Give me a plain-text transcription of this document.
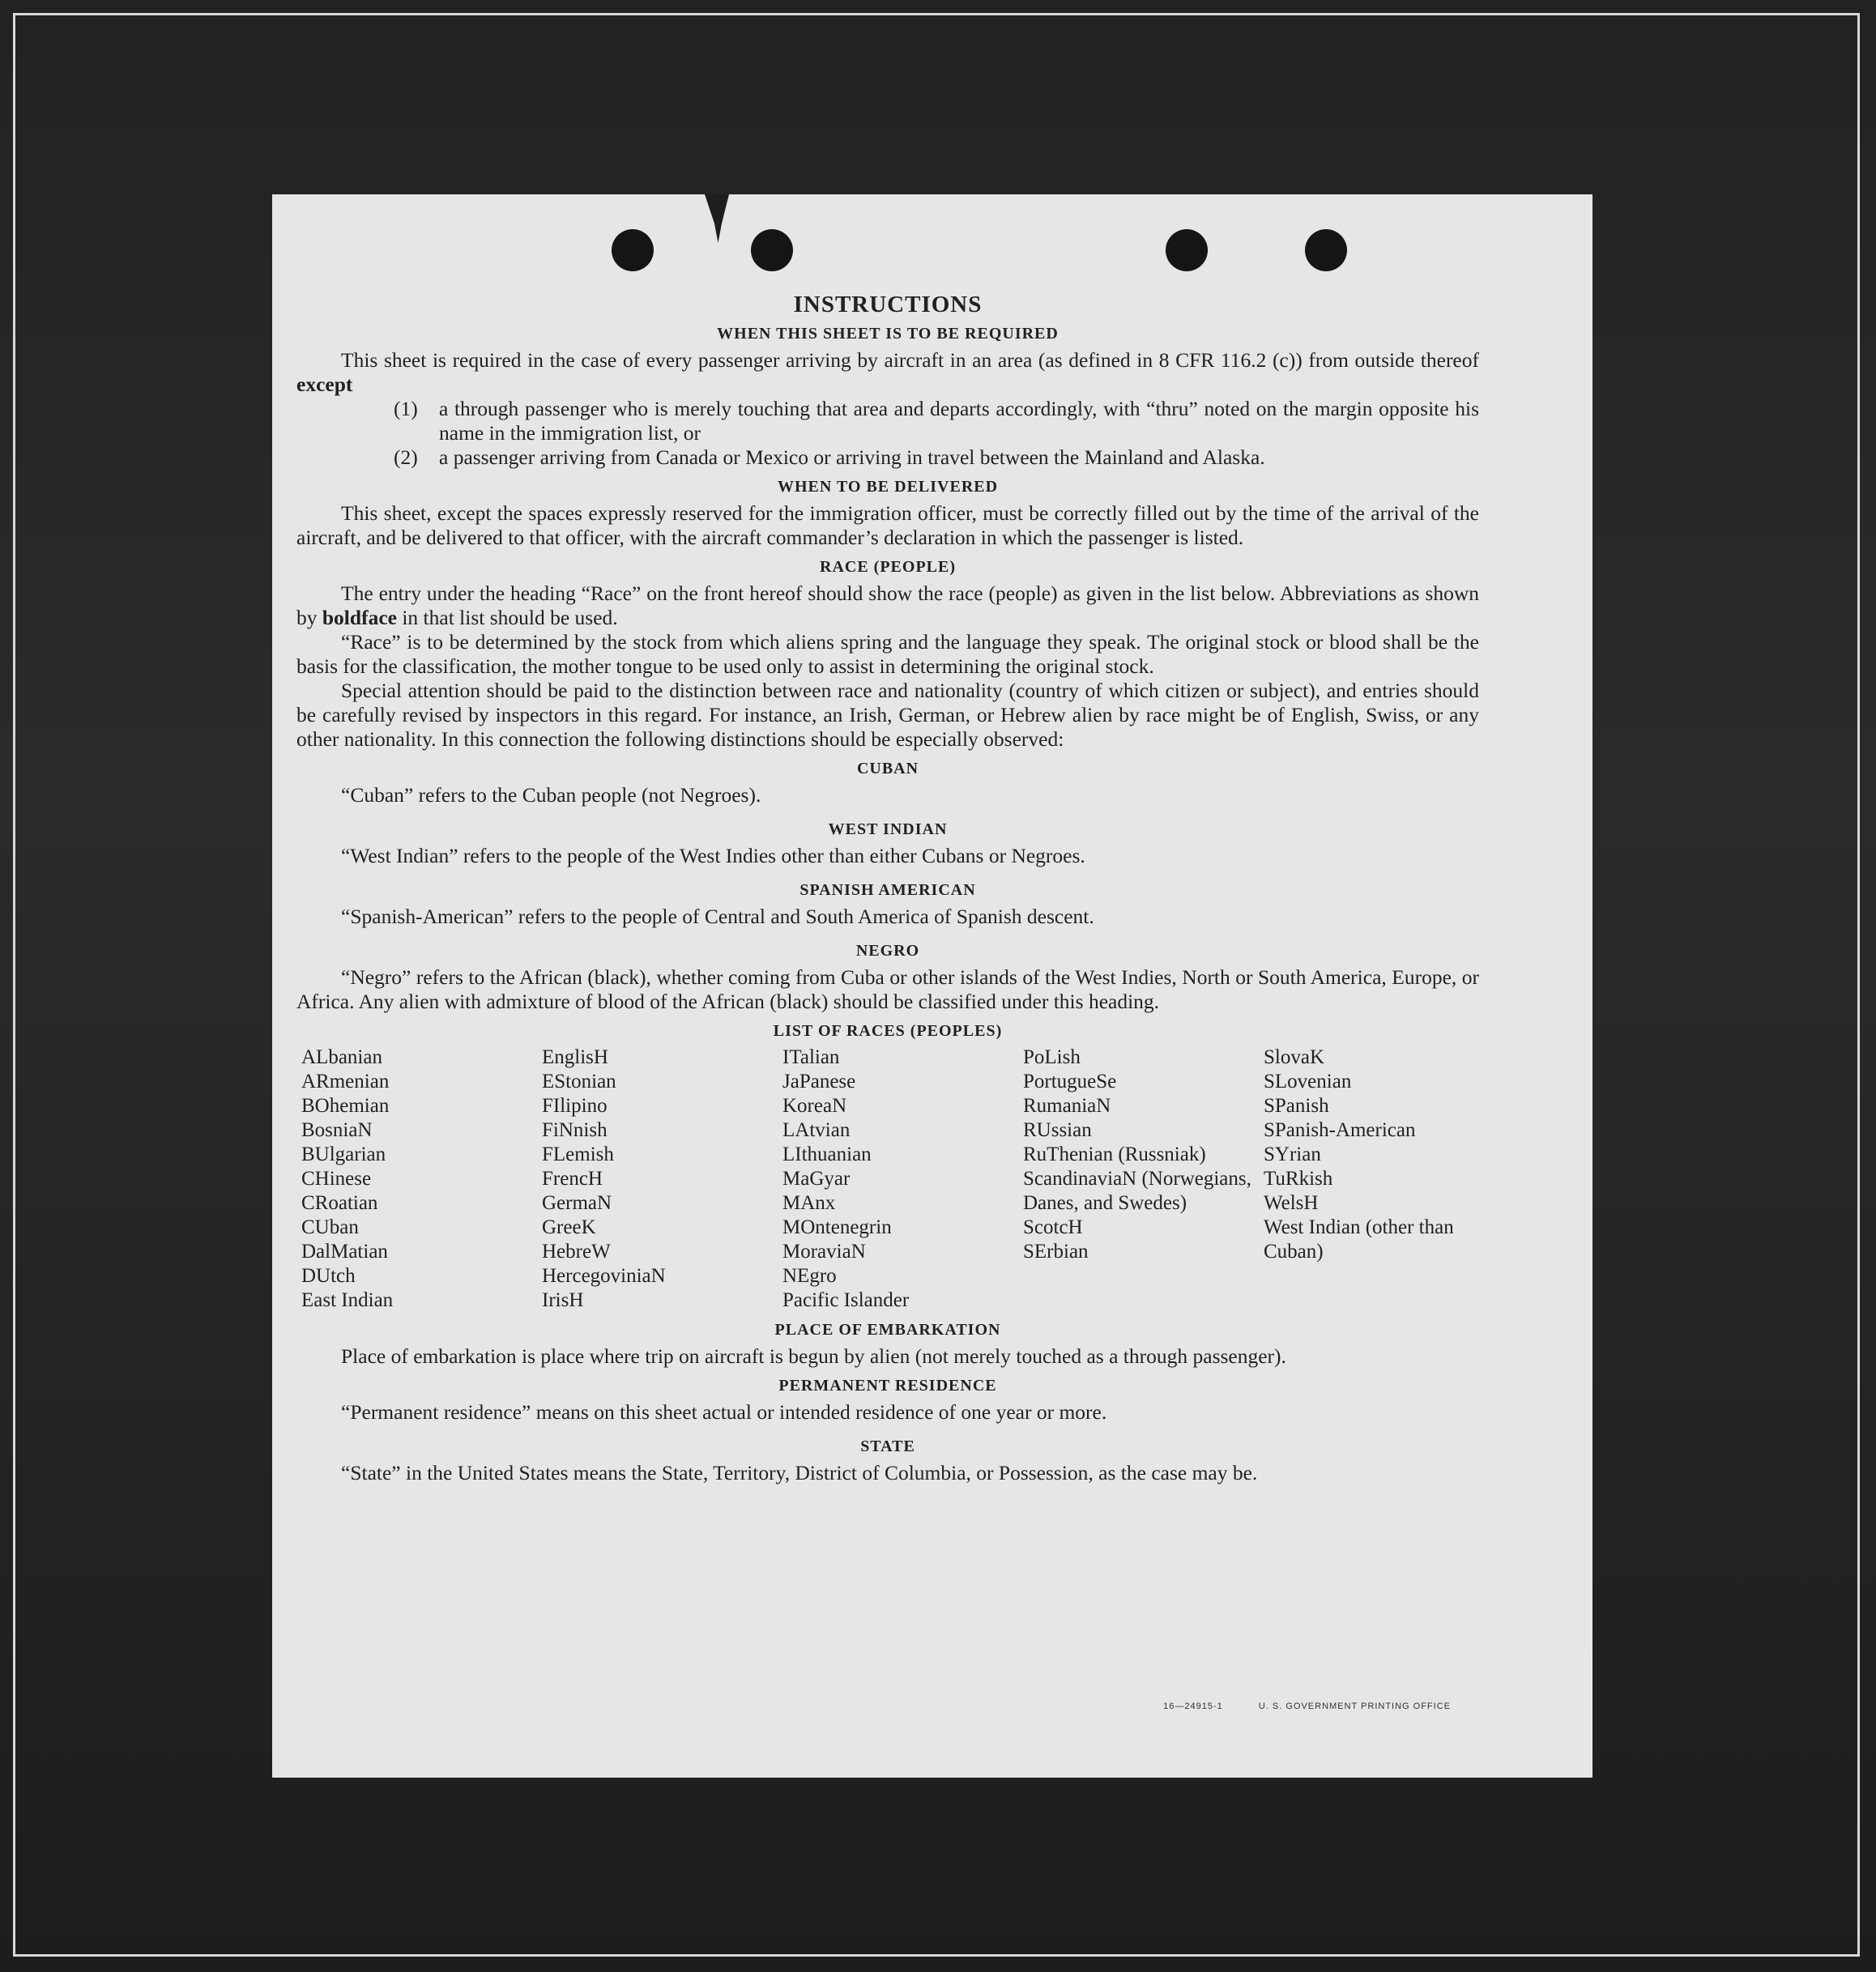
INSTRUCTIONS
WHEN THIS SHEET IS TO BE REQUIRED

This sheet is required in the case of every passenger arriving by aircraft in an area (as defined in 8 CFR 116.2 (c)) from outside thereof except

(1)	a through passenger who is merely touching that area and departs accordingly, with “thru” noted on the margin opposite his name in the immigration list, or
(2)	a passenger arriving from Canada or Mexico or arriving in travel between the Mainland and Alaska.
WHEN TO BE DELIVERED

This sheet, except the spaces expressly reserved for the immigration officer, must be correctly filled out by the time of the arrival of the aircraft, and be delivered to that officer, with the aircraft commander’s declaration in which the passenger is listed.

RACE (PEOPLE)

The entry under the heading “Race” on the front hereof should show the race (people) as given in the list below. Abbreviations as shown by boldface in that list should be used.

“Race” is to be determined by the stock from which aliens spring and the language they speak. The original stock or blood shall be the basis for the classification, the mother tongue to be used only to assist in determining the original stock.

Special attention should be paid to the distinction between race and nationality (country of which citizen or subject), and entries should be carefully revised by inspectors in this regard. For instance, an Irish, German, or Hebrew alien by race might be of English, Swiss, or any other nationality. In this connection the following distinctions should be especially observed:

CUBAN

“Cuban” refers to the Cuban people (not Negroes).

WEST INDIAN

“West Indian” refers to the people of the West Indies other than either Cubans or Negroes.

SPANISH AMERICAN

“Spanish-American” refers to the people of Central and South America of Spanish descent.

NEGRO

“Negro” refers to the African (black), whether coming from Cuba or other islands of the West Indies, North or South America, Europe, or Africa. Any alien with admixture of blood of the African (black) should be classified under this heading.

LIST OF RACES (PEOPLES)
ALbanian
ARmenian
BOhemian
BosniaN
BUlgarian
CHinese
CRoatian
CUban
DalMatian
DUtch
East Indian
EnglisH
EStonian
FIlipino
FiNnish
FLemish
FrencH
GermaN
GreeK
HebreW
HercegoviniaN
IrisH
ITalian
JaPanese
KoreaN
LAtvian
LIthuanian
MaGyar
MAnx
MOntenegrin
MoraviaN
NEgro
Pacific Islander
PoLish
PortugueSe
RumaniaN
RUssian
RuThenian (Russniak)
ScandinaviaN (Norwegians, Danes, and Swedes)
ScotcH
SErbian
SlovaK
SLovenian
SPanish
SPanish-American
SYrian
TuRkish
WelsH
West Indian (other than Cuban)
PLACE OF EMBARKATION

Place of embarkation is place where trip on aircraft is begun by alien (not merely touched as a through passenger).

PERMANENT RESIDENCE

“Permanent residence” means on this sheet actual or intended residence of one year or more.

STATE

“State” in the United States means the State, Territory, District of Columbia, or Possession, as the case may be.

16—24915-1	U. S. GOVERNMENT PRINTING OFFICE
